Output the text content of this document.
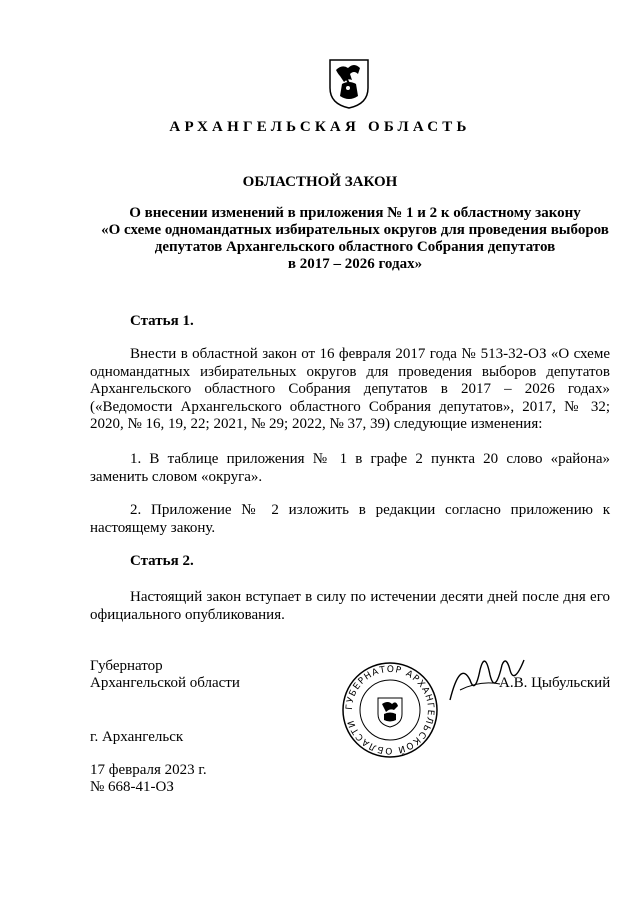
АРХАНГЕЛЬСКАЯ ОБЛАСТЬ
ОБЛАСТНОЙ ЗАКОН
О внесении изменений в приложения № 1 и 2 к областному закону
«О схеме одномандатных избирательных округов для проведения выборов
депутатов Архангельского областного Собрания депутатов
в 2017 – 2026 годах»
Статья 1.
Внести в областной закон от 16 февраля 2017 года № 513-32-ОЗ «О схеме одномандатных избирательных округов для проведения выборов депутатов Архангельского областного Собрания депутатов в 2017 – 2026 годах» («Ведомости Архангельского областного Собрания депутатов», 2017, № 32; 2020, № 16, 19, 22; 2021, № 29; 2022, № 37, 39) следующие изменения:
1. В таблице приложения № 1 в графе 2 пункта 20 слово «района» заменить словом «округа».
2. Приложение № 2 изложить в редакции согласно приложению к настоящему закону.
Статья 2.
Настоящий закон вступает в силу по истечении десяти дней после дня его официального опубликования.
Губернатор
Архангельской области
ГУБЕРНАТОР АРХАНГЕЛЬСКОЙ ОБЛАСТИ
А.В. Цыбульский
г. Архангельск
17 февраля 2023 г.
№ 668-41-ОЗ
